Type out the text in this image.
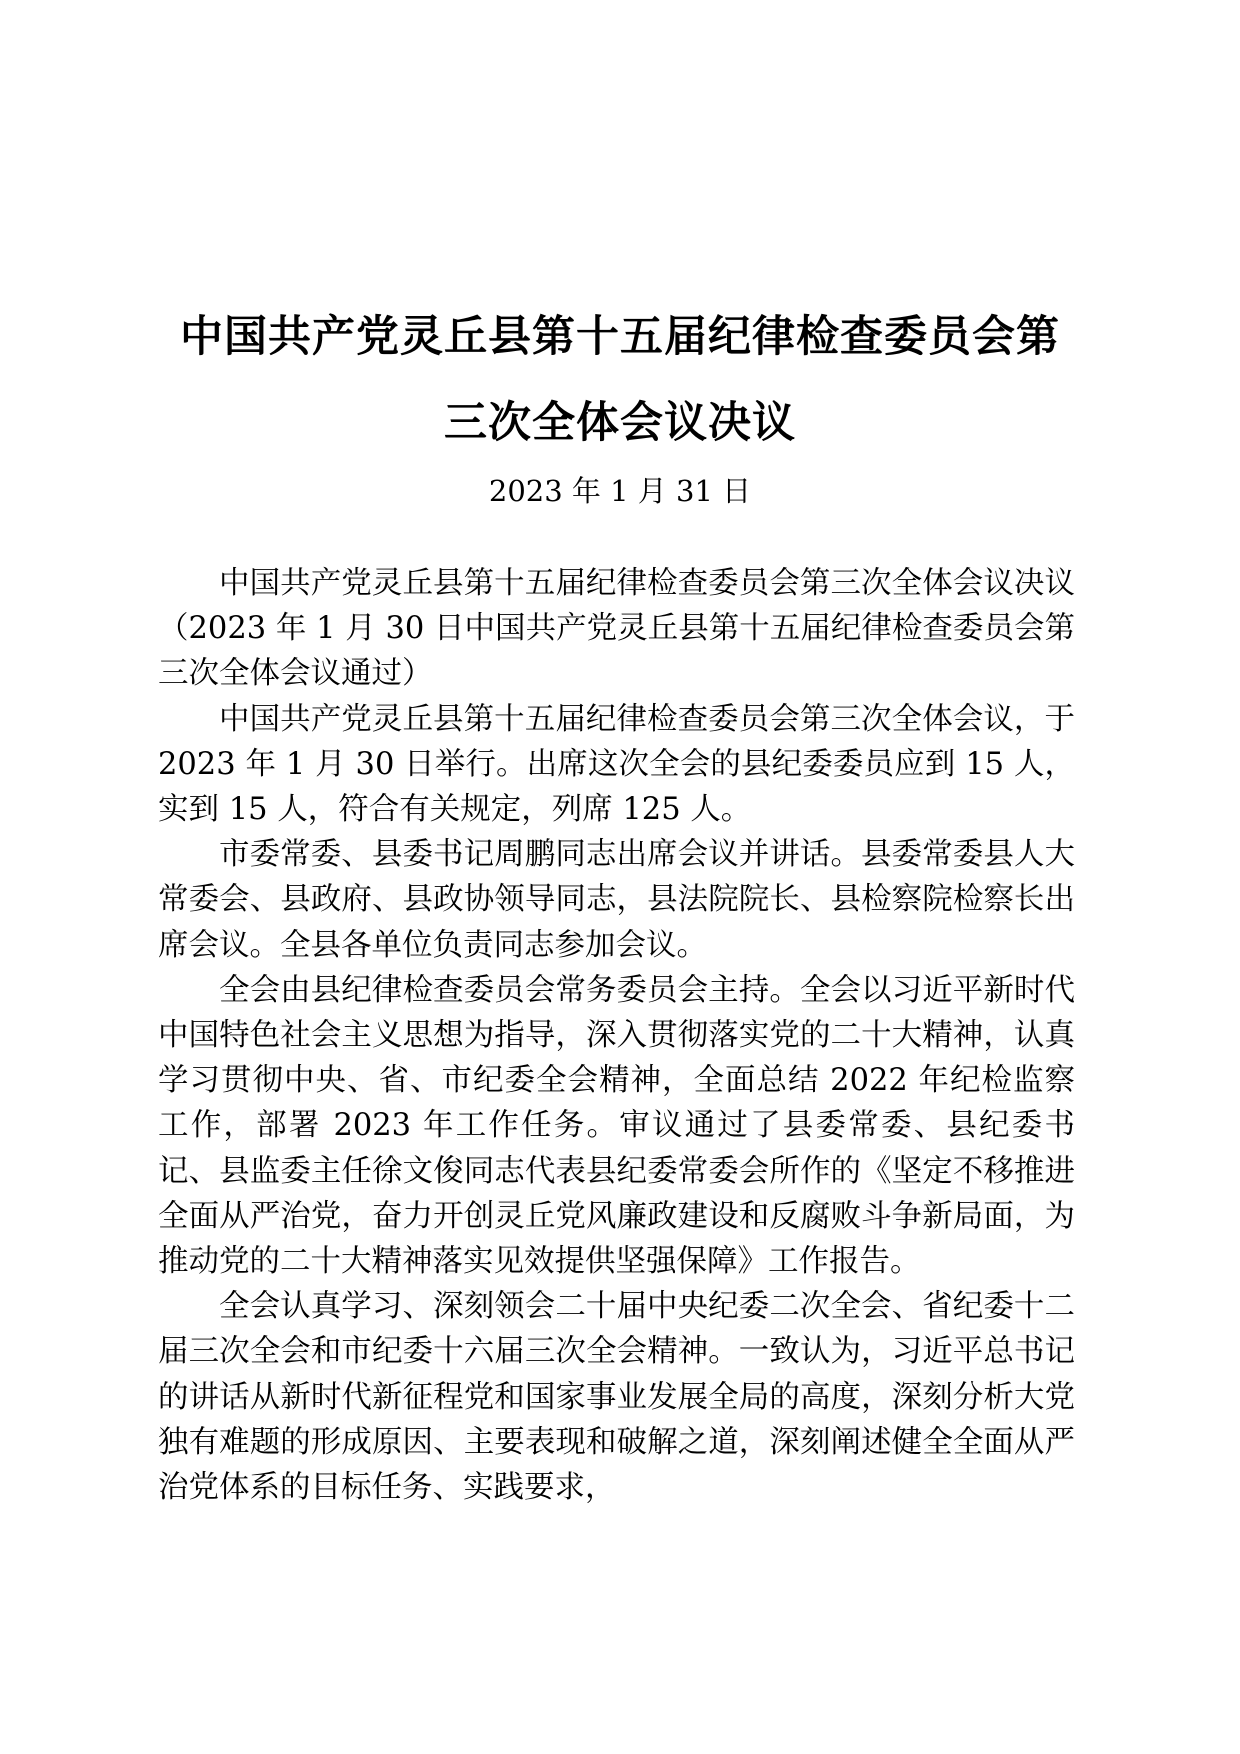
中国共产党灵丘县第十五届纪律检查委员会第
三次全体会议决议
2023 年 1 月 31 日

中国共产党灵丘县第十五届纪律检查委员会第三次全体会议决议（2023 年 1 月 30 日中国共产党灵丘县第十五届纪律检查委员会第三次全体会议通过）

中国共产党灵丘县第十五届纪律检查委员会第三次全体会议，于 2023 年 1 月 30 日举行。出席这次全会的县纪委委员应到 15 人，实到 15 人，符合有关规定，列席 125 人。

市委常委、县委书记周鹏同志出席会议并讲话。县委常委县人大常委会、县政府、县政协领导同志，县法院院长、县检察院检察长出席会议。全县各单位负责同志参加会议。

全会由县纪律检查委员会常务委员会主持。全会以习近平新时代中国特色社会主义思想为指导，深入贯彻落实党的二十大精神，认真学习贯彻中央、省、市纪委全会精神，全面总结 2022 年纪检监察工作，部署 2023 年工作任务。审议通过了县委常委、县纪委书记、县监委主任徐文俊同志代表县纪委常委会所作的《坚定不移推进全面从严治党，奋力开创灵丘党风廉政建设和反腐败斗争新局面，为推动党的二十大精神落实见效提供坚强保障》工作报告。

全会认真学习、深刻领会二十届中央纪委二次全会、省纪委十二届三次全会和市纪委十六届三次全会精神。一致认为，习近平总书记的讲话从新时代新征程党和国家事业发展全局的高度，深刻分析大党独有难题的形成原因、主要表现和破解之道，深刻阐述健全全面从严治党体系的目标任务、实践要求，
